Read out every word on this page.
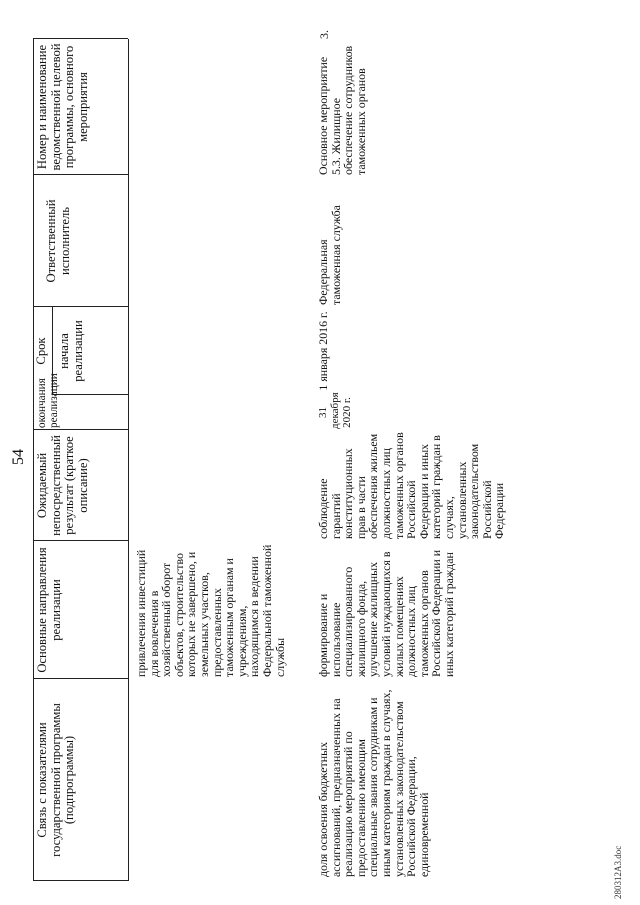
54
Связь с показателями государственной программы (подпрограммы)
Основные направления реализации
Ожидаемый непосредственный результат (краткое описание)
окончания реализации
Срок начала реализации
Ответственный исполнитель
Номер и наименование ведомственной целевой программы, основного мероприятия
привлечения инвестиций для вовлечения в хозяйственный оборот объектов, строительство которых не завершено, и земельных участков, предоставленных таможенным органам и учреждениям, находящимся в ведении Федеральной таможенной службы
3.
Основное мероприятие 5.3. Жилищное обеспечение сотрудников таможенных органов
Федеральная таможенная служба
1 января 2016 г.
31 декабря 2020 г.
соблюдение гарантий конституционных прав в части обеспечения жильем должностных лиц таможенных органов Российской Федерации и иных категорий граждан в случаях, установленных законодательством Российской Федерации
формирование и использование специализированного жилищного фонда, улучшение жилищных условий нуждающихся в жилых помещениях должностных лиц таможенных органов Российской Федерации и иных категорий граждан
доля освоения бюджетных ассигнований, предназначенных на реализацию мероприятий по предоставлению имеющим специальные звания сотрудникам и иным категориям граждан в случаях, установленных законодательством Российской Федерации, единовременной	280312A3.doc
